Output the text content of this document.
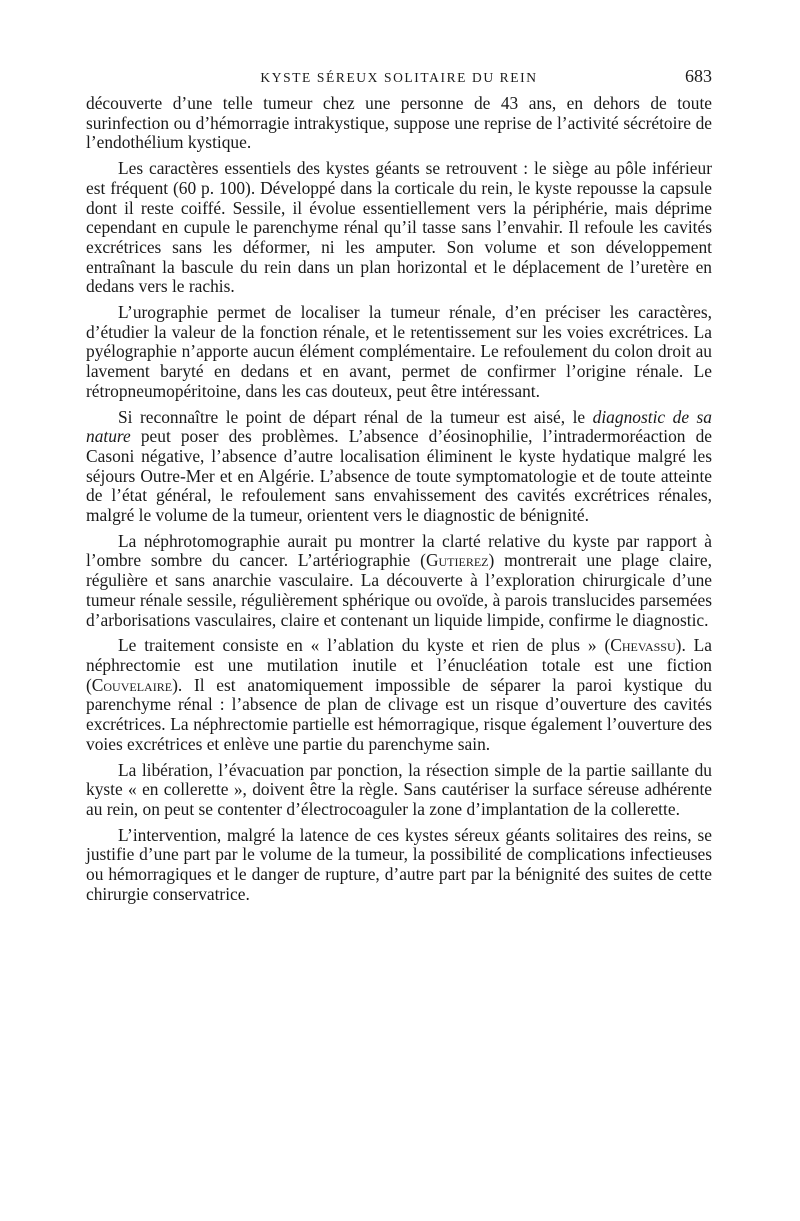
KYSTE SÉREUX SOLITAIRE DU REIN	683

découverte d’une telle tumeur chez une personne de 43 ans, en dehors de toute surinfection ou d’hémorragie intrakystique, suppose une reprise de l’activité sécrétoire de l’endothélium kystique.

Les caractères essentiels des kystes géants se retrouvent : le siège au pôle inférieur est fréquent (60 p. 100). Développé dans la corticale du rein, le kyste repousse la capsule dont il reste coiffé. Sessile, il évolue essentiellement vers la périphérie, mais déprime cependant en cupule le parenchyme rénal qu’il tasse sans l’envahir. Il refoule les cavités excrétrices sans les déformer, ni les amputer. Son volume et son développement entraînant la bascule du rein dans un plan horizontal et le déplacement de l’uretère en dedans vers le rachis.

L’urographie permet de localiser la tumeur rénale, d’en préciser les caractères, d’étudier la valeur de la fonction rénale, et le retentissement sur les voies excrétrices. La pyélographie n’apporte aucun élément complémentaire. Le refoulement du colon droit au lavement baryté en dedans et en avant, permet de confirmer l’origine rénale. Le rétropneumopéritoine, dans les cas douteux, peut être intéressant.

Si reconnaître le point de départ rénal de la tumeur est aisé, le diagnostic de sa nature peut poser des problèmes. L’absence d’éosinophilie, l’intradermoréaction de Casoni négative, l’absence d’autre localisation éliminent le kyste hydatique malgré les séjours Outre-Mer et en Algérie. L’absence de toute symptomatologie et de toute atteinte de l’état général, le refoulement sans envahissement des cavités excrétrices rénales, malgré le volume de la tumeur, orientent vers le diagnostic de bénignité.

La néphrotomographie aurait pu montrer la clarté relative du kyste par rapport à l’ombre sombre du cancer. L’artériographie (Gutierez) montrerait une plage claire, régulière et sans anarchie vasculaire. La découverte à l’exploration chirurgicale d’une tumeur rénale sessile, régulièrement sphérique ou ovoïde, à parois translucides parsemées d’arborisations vasculaires, claire et contenant un liquide limpide, confirme le diagnostic.

Le traitement consiste en « l’ablation du kyste et rien de plus » (Chevassu). La néphrectomie est une mutilation inutile et l’énucléation totale est une fiction (Couvelaire). Il est anatomiquement impossible de séparer la paroi kystique du parenchyme rénal : l’absence de plan de clivage est un risque d’ouverture des cavités excrétrices. La néphrectomie partielle est hémorragique, risque également l’ouverture des voies excrétrices et enlève une partie du parenchyme sain.

La libération, l’évacuation par ponction, la résection simple de la partie saillante du kyste « en collerette », doivent être la règle. Sans cautériser la surface séreuse adhérente au rein, on peut se contenter d’électrocoaguler la zone d’implantation de la collerette.

L’intervention, malgré la latence de ces kystes séreux géants solitaires des reins, se justifie d’une part par le volume de la tumeur, la possibilité de complications infectieuses ou hémorragiques et le danger de rupture, d’autre part par la bénignité des suites de cette chirurgie conservatrice.
